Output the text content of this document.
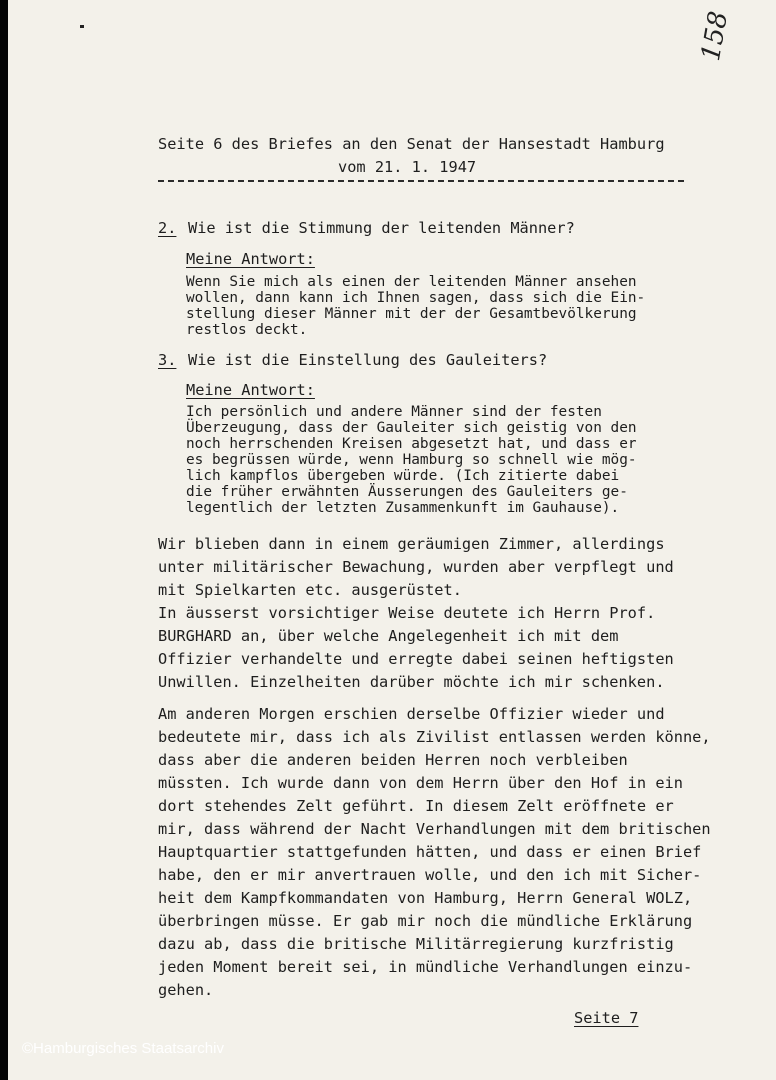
158
Seite 6 des Briefes an den Senat der Hansestadt Hamburg
vom 21. 1. 1947
2. Wie ist die Stimmung der leitenden Männer?
Meine Antwort:
Wenn Sie mich als einen der leitenden Männer ansehen
wollen, dann kann ich Ihnen sagen, dass sich die Ein-
stellung dieser Männer mit der der Gesamtbevölkerung
restlos deckt.
3. Wie ist die Einstellung des Gauleiters?
Meine Antwort:
Ich persönlich und andere Männer sind der festen
Überzeugung, dass der Gauleiter sich geistig von den
noch herrschenden Kreisen abgesetzt hat, und dass er
es begrüssen würde, wenn Hamburg so schnell wie mög-
lich kampflos übergeben würde. (Ich zitierte dabei
die früher erwähnten Äusserungen des Gauleiters ge-
legentlich der letzten Zusammenkunft im Gauhause).
Wir blieben dann in einem geräumigen Zimmer, allerdings
unter militärischer Bewachung, wurden aber verpflegt und
mit Spielkarten etc. ausgerüstet.
In äusserst vorsichtiger Weise deutete ich Herrn Prof.
BURGHARD an, über welche Angelegenheit ich mit dem
Offizier verhandelte und erregte dabei seinen heftigsten
Unwillen. Einzelheiten darüber möchte ich mir schenken.
Am anderen Morgen erschien derselbe Offizier wieder und
bedeutete mir, dass ich als Zivilist entlassen werden könne,
dass aber die anderen beiden Herren noch verbleiben
müssten. Ich wurde dann von dem Herrn über den Hof in ein
dort stehendes Zelt geführt. In diesem Zelt eröffnete er
mir, dass während der Nacht Verhandlungen mit dem britischen
Hauptquartier stattgefunden hätten, und dass er einen Brief
habe, den er mir anvertrauen wolle, und den ich mit Sicher-
heit dem Kampfkommandaten von Hamburg, Herrn General WOLZ,
überbringen müsse. Er gab mir noch die mündliche Erklärung
dazu ab, dass die britische Militärregierung kurzfristig
jeden Moment bereit sei, in mündliche Verhandlungen einzu-
gehen.
Seite 7
©Hamburgisches Staatsarchiv
